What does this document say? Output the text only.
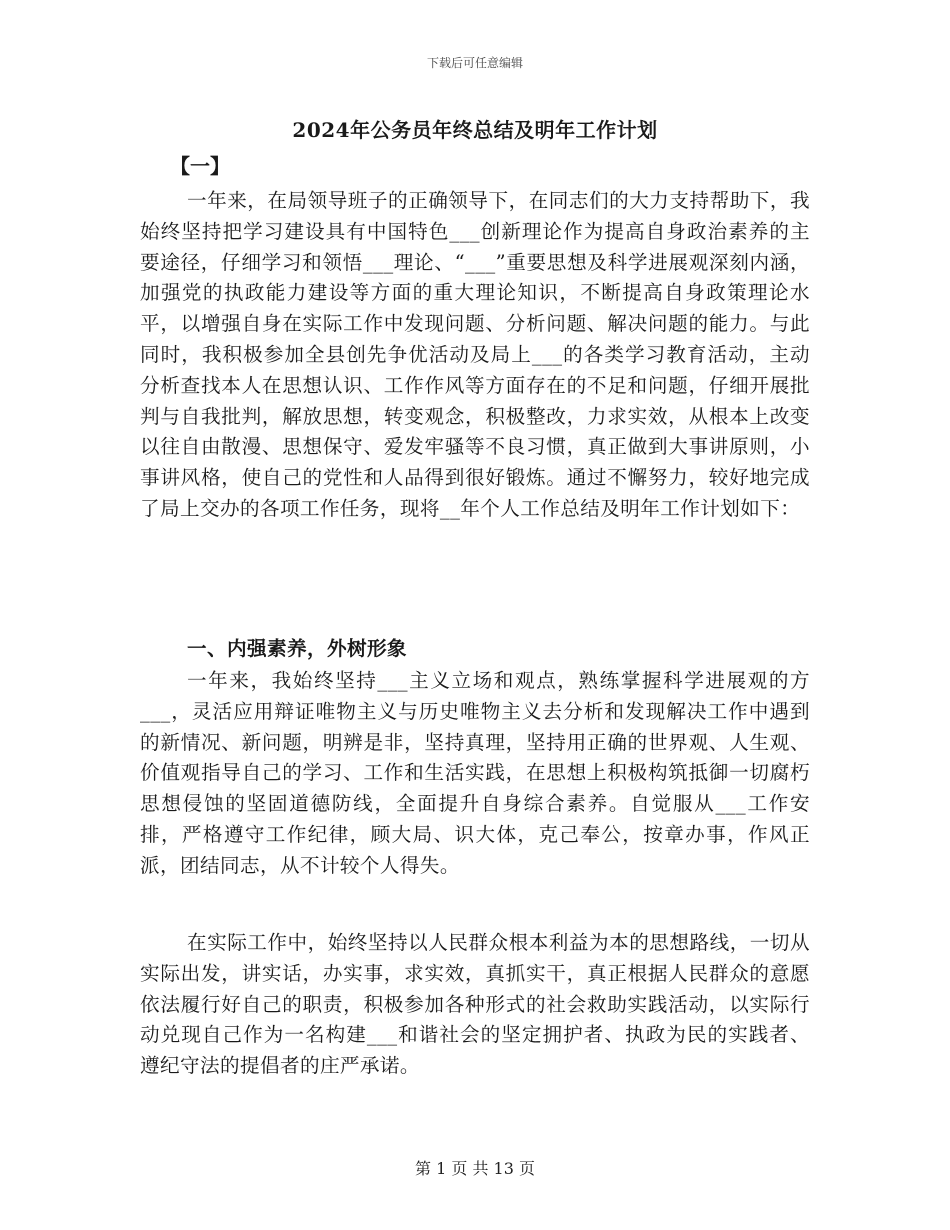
下载后可任意编辑
2024年公务员年终总结及明年工作计划
【一】

一年来，在局领导班子的正确领导下，在同志们的大力支持帮助下，我始终坚持把学习建设具有中国特色___创新理论作为提高自身政治素养的主要途径，仔细学习和领悟___理论、“___”重要思想及科学进展观深刻内涵，加强党的执政能力建设等方面的重大理论知识，不断提高自身政策理论水平，以增强自身在实际工作中发现问题、分析问题、解决问题的能力。与此同时，我积极参加全县创先争优活动及局上___的各类学习教育活动，主动分析查找本人在思想认识、工作作风等方面存在的不足和问题，仔细开展批判与自我批判，解放思想，转变观念，积极整改，力求实效，从根本上改变以往自由散漫、思想保守、爱发牢骚等不良习惯，真正做到大事讲原则，小事讲风格，使自己的党性和人品得到很好锻炼。通过不懈努力，较好地完成了局上交办的各项工作任务，现将__年个人工作总结及明年工作计划如下：

一、内强素养，外树形象

一年来，我始终坚持___主义立场和观点，熟练掌握科学进展观的方___，灵活应用辩证唯物主义与历史唯物主义去分析和发现解决工作中遇到的新情况、新问题，明辨是非，坚持真理，坚持用正确的世界观、人生观、价值观指导自己的学习、工作和生活实践，在思想上积极构筑抵御一切腐朽思想侵蚀的坚固道德防线，全面提升自身综合素养。自觉服从___工作安排，严格遵守工作纪律，顾大局、识大体，克己奉公，按章办事，作风正派，团结同志，从不计较个人得失。

在实际工作中，始终坚持以人民群众根本利益为本的思想路线，一切从实际出发，讲实话，办实事，求实效，真抓实干，真正根据人民群众的意愿依法履行好自己的职责，积极参加各种形式的社会救助实践活动，以实际行动兑现自己作为一名构建___和谐社会的坚定拥护者、执政为民的实践者、遵纪守法的提倡者的庄严承诺。

第 1 页 共 13 页
